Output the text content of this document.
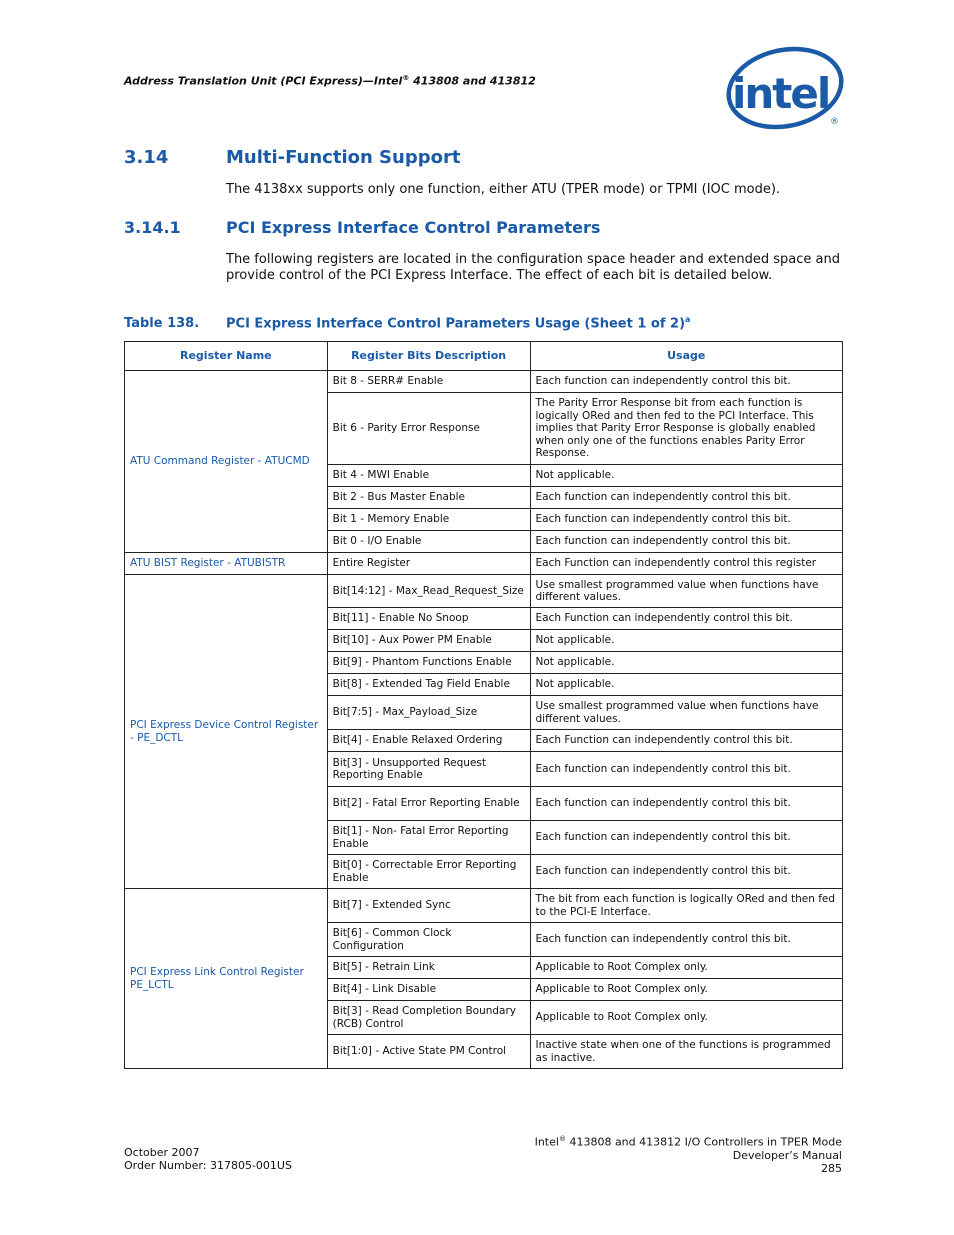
Address Translation Unit (PCI Express)—Intel® 413808 and 413812	intel
®
3.14	Multi-Function Support
The 4138xx supports only one function, either ATU (TPER mode) or TPMI (IOC mode).
3.14.1	PCI Express Interface Control Parameters
The following registers are located in the configuration space header and extended space and provide control of the PCI Express Interface. The effect of each bit is detailed below.
Table 138. PCI Express Interface Control Parameters Usage (Sheet 1 of 2)$^a$
Register Name	Register Bits Description	Usage
ATU Command Register - ATUCMD	Bit 8 - SERR# Enable	Each function can independently control this bit.
	Bit 6 - Parity Error Response	The Parity Error Response bit from each function is logically ORed and then fed to the PCI Interface. This implies that Parity Error Response is globally enabled when only one of the functions enables Parity Error Response.
	Bit 4 - MWI Enable	Not applicable.
	Bit 2 - Bus Master Enable	Each function can independently control this bit.
	Bit 1 - Memory Enable	Each function can independently control this bit.
	Bit 0 - I/O Enable	Each function can independently control this bit.
ATU BIST Register - ATUBISTR	Entire Register	Each Function can independently control this register
PCI Express Device Control Register - PE_DCTL	Bit[14:12] - Max_Read_Request_Size	Use smallest programmed value when functions have different values.
	Bit[11] - Enable No Snoop	Each Function can independently control this bit.
	Bit[10] - Aux Power PM Enable	Not applicable.
	Bit[9] - Phantom Functions Enable	Not applicable.
	Bit[8] - Extended Tag Field Enable	Not applicable.
	Bit[7:5] - Max_Payload_Size	Use smallest programmed value when functions have different values.
	Bit[4] - Enable Relaxed Ordering	Each Function can independently control this bit.
	Bit[3] - Unsupported Request Reporting Enable	Each function can independently control this bit.
	Bit[2] - Fatal Error Reporting Enable	Each function can independently control this bit.
	Bit[1] - Non- Fatal Error Reporting Enable	Each function can independently control this bit.
	Bit[0] - Correctable Error Reporting Enable	Each function can independently control this bit.
PCI Express Link Control Register PE_LCTL	Bit[7] - Extended Sync	The bit from each function is logically ORed and then fed to the PCI-E Interface.
	Bit[6] - Common Clock Configuration	Each function can independently control this bit.
	Bit[5] - Retrain Link	Applicable to Root Complex only.
	Bit[4] - Link Disable	Applicable to Root Complex only.
	Bit[3] - Read Completion Boundary (RCB) Control	Applicable to Root Complex only.
	Bit[1:0] - Active State PM Control	Inactive state when one of the functions is programmed as inactive.
October 2007
Order Number: 317805-001US
Intel® 413808 and 413812 I/O Controllers in TPER Mode
Developer’s Manual
285
